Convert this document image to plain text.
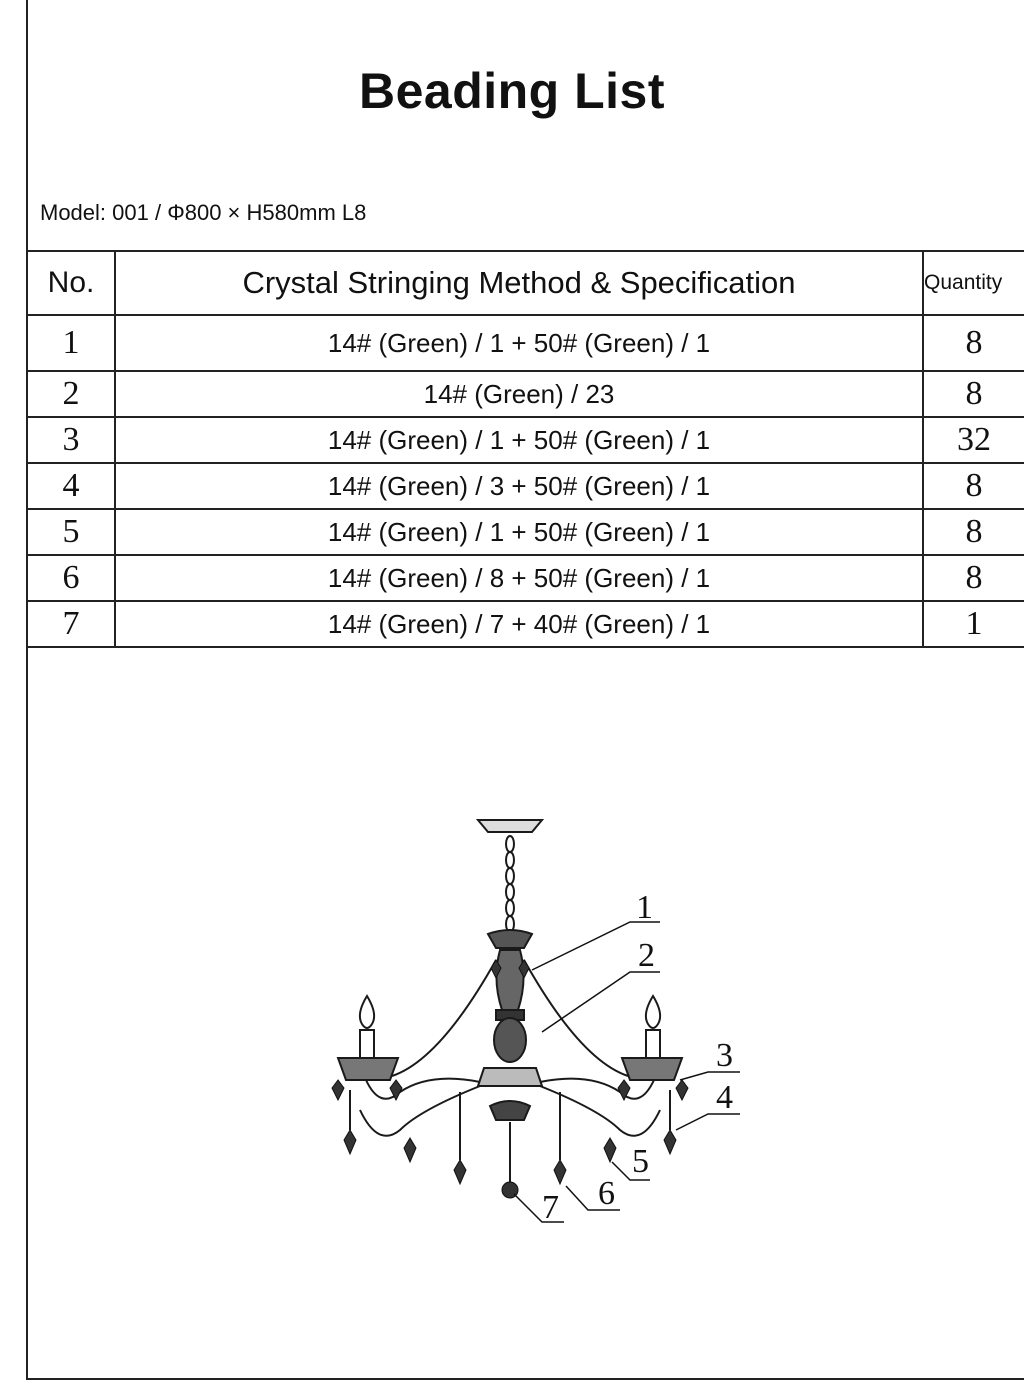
Beading List
Model: 001 / Φ800 × H580mm L8
No.	Crystal Stringing Method & Specification	Quantity
1	14# (Green) / 1 + 50# (Green) / 1	8
2	14# (Green) / 23	8
3	14# (Green) / 1 + 50# (Green) / 1	32
4	14# (Green) / 3 + 50# (Green) / 1	8
5	14# (Green) / 1 + 50# (Green) / 1	8
6	14# (Green) / 8 + 50# (Green) / 1	8
7	14# (Green) / 7 + 40# (Green) / 1	1
1
2
3
4
5
6
7
